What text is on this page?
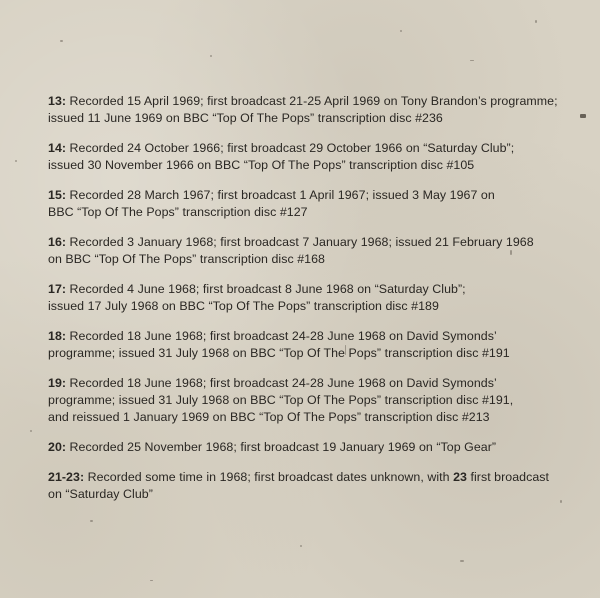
13: Recorded 15 April 1969; first broadcast 21-25 April 1969 on Tony Brandon’s programme;
issued 11 June 1969 on BBC “Top Of The Pops” transcription disc #236
14: Recorded 24 October 1966; first broadcast 29 October 1966 on “Saturday Club”;
issued 30 November 1966 on BBC “Top Of The Pops” transcription disc #105
15: Recorded 28 March 1967; first broadcast 1 April 1967; issued 3 May 1967 on
BBC “Top Of The Pops” transcription disc #127
16: Recorded 3 January 1968; first broadcast 7 January 1968; issued 21 February 1968
on BBC “Top Of The Pops” transcription disc #168
17: Recorded 4 June 1968; first broadcast 8 June 1968 on “Saturday Club”;
issued 17 July 1968 on BBC “Top Of The Pops” transcription disc #189
18: Recorded 18 June 1968; first broadcast 24-28 June 1968 on David Symonds’
programme; issued 31 July 1968 on BBC “Top Of The Pops” transcription disc #191
19: Recorded 18 June 1968; first broadcast 24-28 June 1968 on David Symonds’
programme; issued 31 July 1968 on BBC “Top Of The Pops” transcription disc #191,
and reissued 1 January 1969 on BBC “Top Of The Pops” transcription disc #213
20: Recorded 25 November 1968; first broadcast 19 January 1969 on “Top Gear”
21-23: Recorded some time in 1968; first broadcast dates unknown, with 23 first broadcast
on “Saturday Club”
